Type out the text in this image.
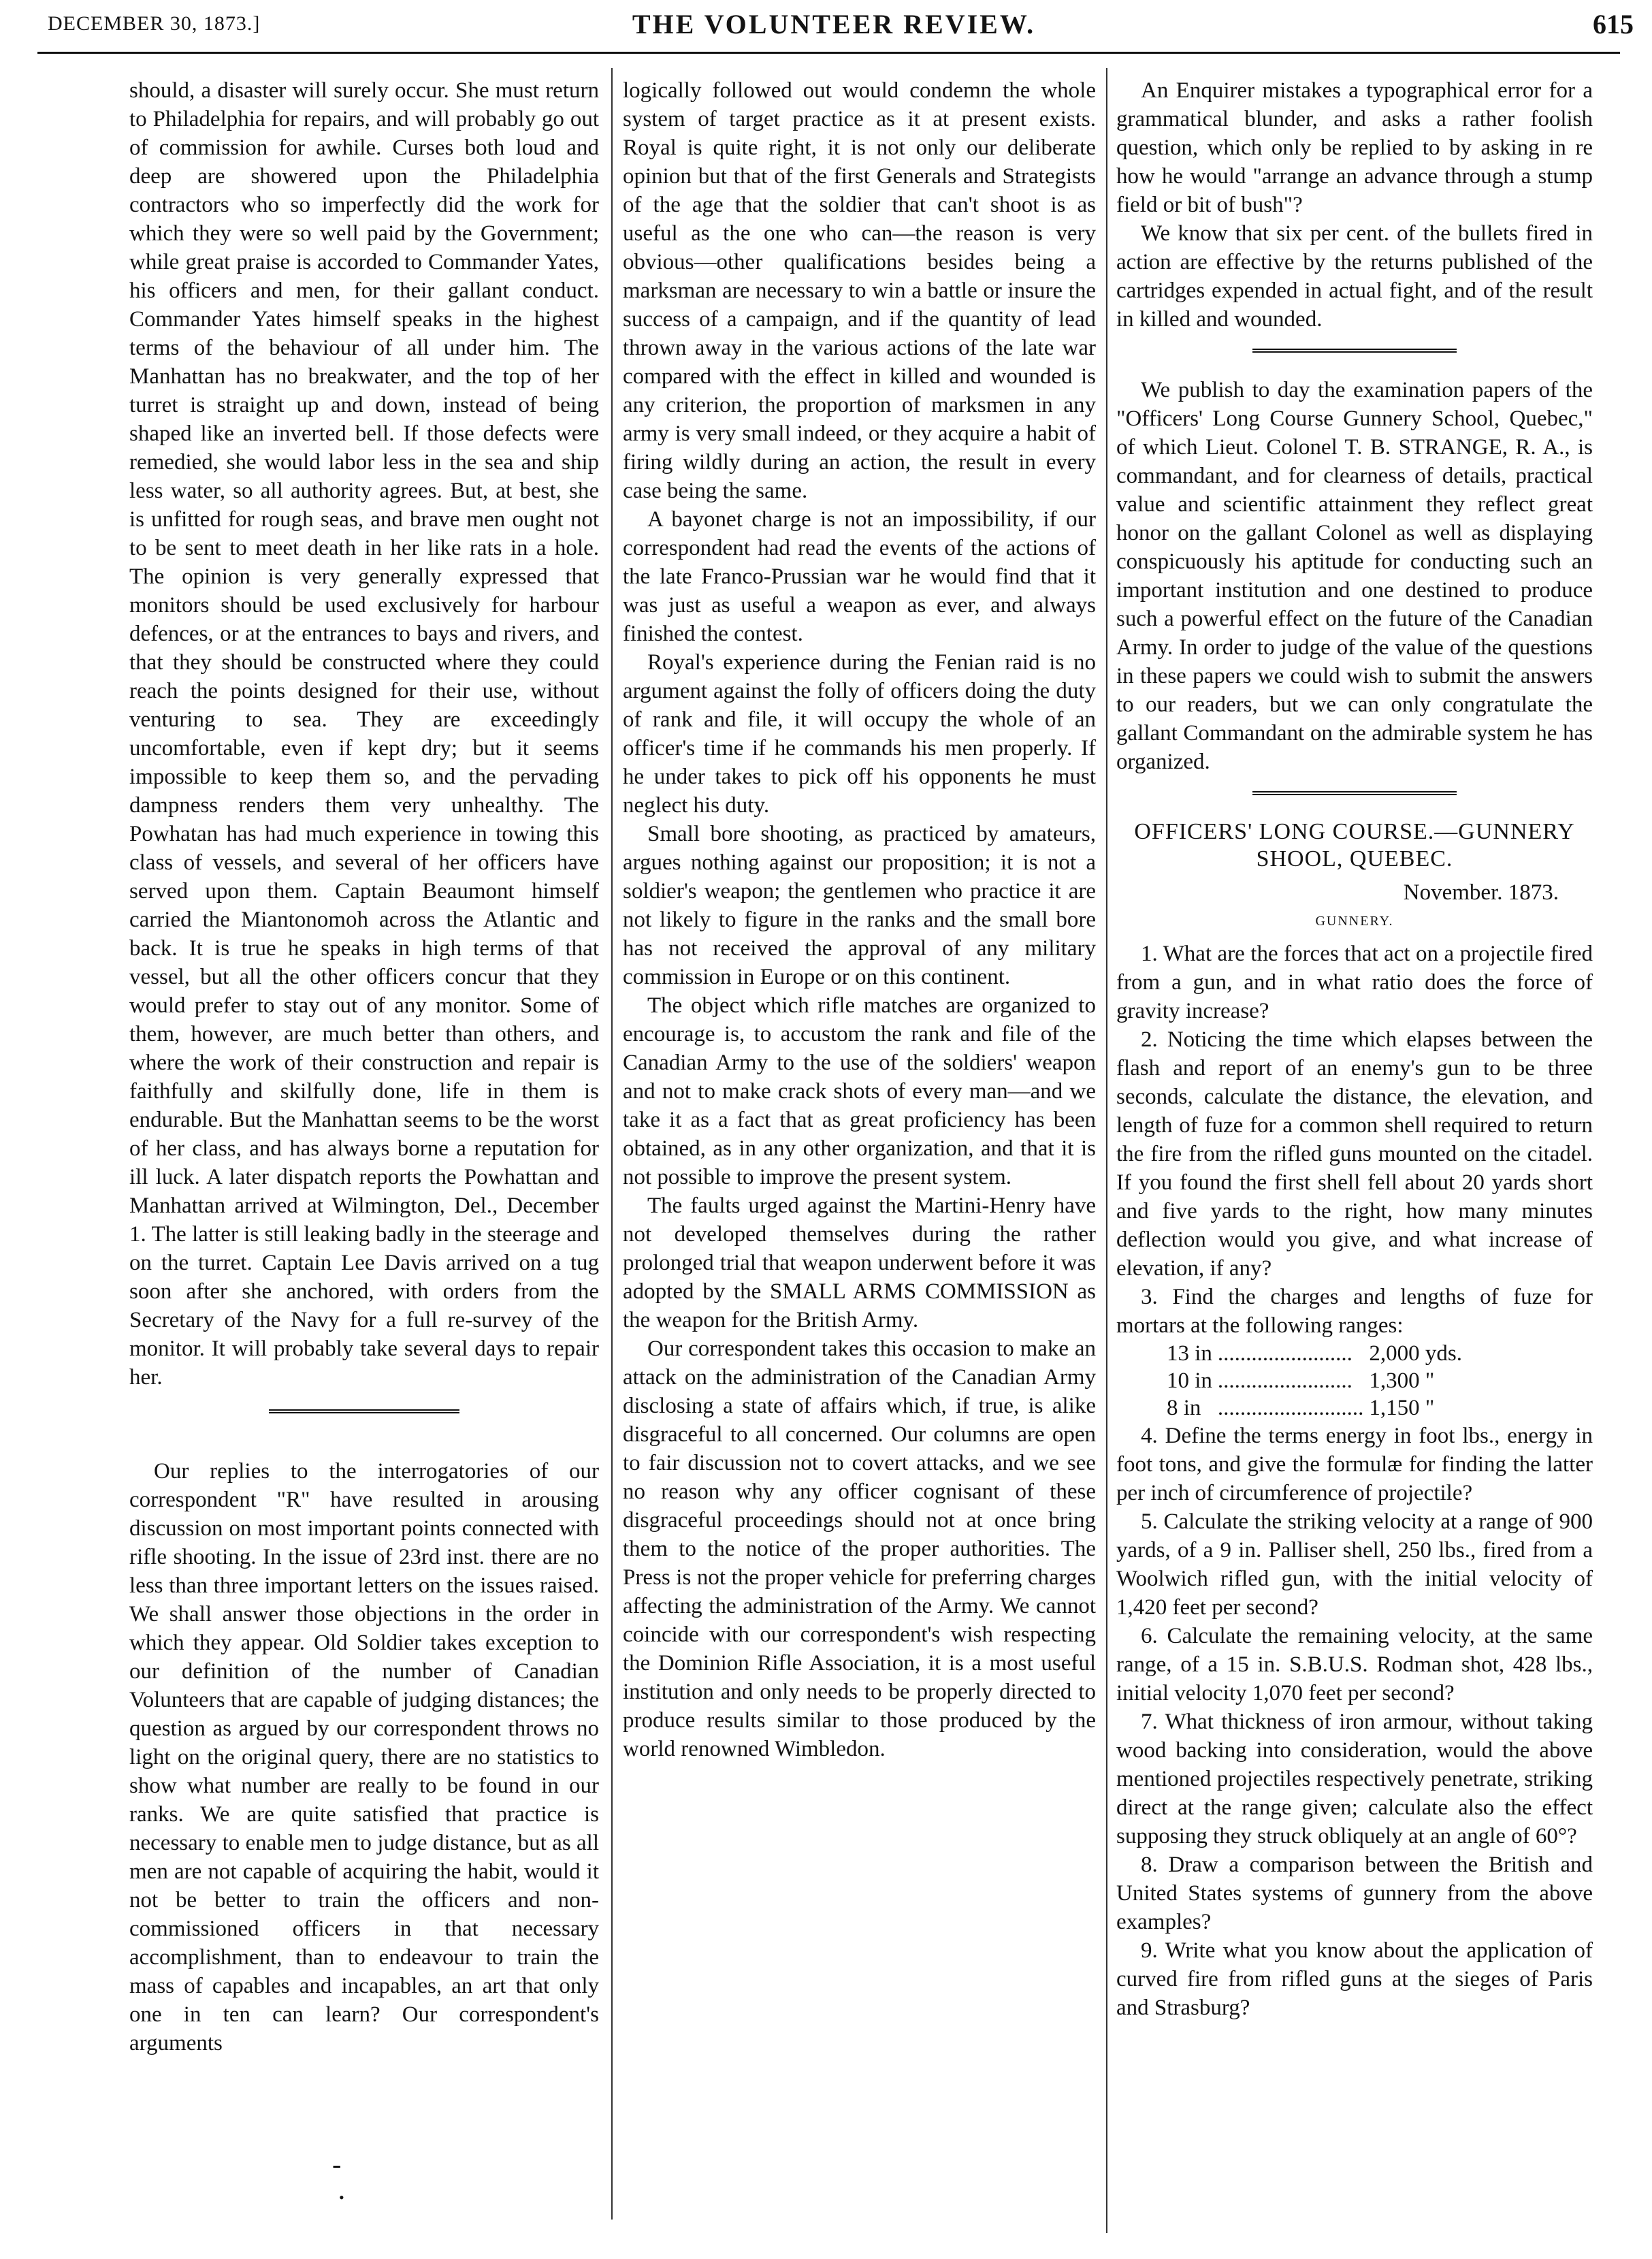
DECEMBER 30, 1873.]	THE VOLUNTEER REVIEW.	615

should, a disaster will surely occur. She must return to Philadelphia for repairs, and will probably go out of commission for awhile. Curses both loud and deep are showered upon the Philadelphia contractors who so imperfectly did the work for which they were so well paid by the Government; while great praise is accorded to Commander Yates, his officers and men, for their gallant conduct. Commander Yates himself speaks in the highest terms of the behaviour of all under him. The Manhattan has no breakwater, and the top of her turret is straight up and down, instead of being shaped like an inverted bell. If those defects were remedied, she would labor less in the sea and ship less water, so all authority agrees. But, at best, she is unfitted for rough seas, and brave men ought not to be sent to meet death in her like rats in a hole. The opinion is very generally expressed that monitors should be used exclusively for harbour defences, or at the entrances to bays and rivers, and that they should be constructed where they could reach the points designed for their use, without venturing to sea. They are exceedingly uncomfortable, even if kept dry; but it seems impossible to keep them so, and the pervading dampness renders them very unhealthy. The Powhatan has had much experience in towing this class of vessels, and several of her officers have served upon them. Captain Beaumont himself carried the Miantonomoh across the Atlantic and back. It is true he speaks in high terms of that vessel, but all the other officers concur that they would prefer to stay out of any monitor. Some of them, however, are much better than others, and where the work of their construction and repair is faithfully and skilfully done, life in them is endurable. But the Manhattan seems to be the worst of her class, and has always borne a reputation for ill luck. A later dispatch reports the Powhattan and Manhattan arrived at Wilmington, Del., December 1. The latter is still leaking badly in the steerage and on the turret. Captain Lee Davis arrived on a tug soon after she anchored, with orders from the Secretary of the Navy for a full re-survey of the monitor. It will probably take several days to repair her.

Our replies to the interrogatories of our correspondent "R" have resulted in arousing discussion on most important points connected with rifle shooting. In the issue of 23rd inst. there are no less than three important letters on the issues raised. We shall answer those objections in the order in which they appear. Old Soldier takes exception to our definition of the number of Canadian Volunteers that are capable of judging distances; the question as argued by our correspondent throws no light on the original query, there are no statistics to show what number are really to be found in our ranks. We are quite satisfied that practice is necessary to enable men to judge distance, but as all men are not capable of acquiring the habit, would it not be better to train the officers and non-commissioned officers in that necessary accomplishment, than to endeavour to train the mass of capables and incapables, an art that only one in ten can learn? Our correspondent's arguments

logically followed out would condemn the whole system of target practice as it at present exists. Royal is quite right, it is not only our deliberate opinion but that of the first Generals and Strategists of the age that the soldier that can't shoot is as useful as the one who can—the reason is very obvious—other qualifications besides being a marksman are necessary to win a battle or insure the success of a campaign, and if the quantity of lead thrown away in the various actions of the late war compared with the effect in killed and wounded is any criterion, the proportion of marksmen in any army is very small indeed, or they acquire a habit of firing wildly during an action, the result in every case being the same.

A bayonet charge is not an impossibility, if our correspondent had read the events of the actions of the late Franco-Prussian war he would find that it was just as useful a weapon as ever, and always finished the contest.

Royal's experience during the Fenian raid is no argument against the folly of officers doing the duty of rank and file, it will occupy the whole of an officer's time if he commands his men properly. If he under takes to pick off his opponents he must neglect his duty.

Small bore shooting, as practiced by amateurs, argues nothing against our proposition; it is not a soldier's weapon; the gentlemen who practice it are not likely to figure in the ranks and the small bore has not received the approval of any military commission in Europe or on this continent.

The object which rifle matches are organized to encourage is, to accustom the rank and file of the Canadian Army to the use of the soldiers' weapon and not to make crack shots of every man—and we take it as a fact that as great proficiency has been obtained, as in any other organization, and that it is not possible to improve the present system.

The faults urged against the Martini-Henry have not developed themselves during the rather prolonged trial that weapon underwent before it was adopted by the SMALL ARMS COMMISSION as the weapon for the British Army.

Our correspondent takes this occasion to make an attack on the administration of the Canadian Army disclosing a state of affairs which, if true, is alike disgraceful to all concerned. Our columns are open to fair discussion not to covert attacks, and we see no reason why any officer cognisant of these disgraceful proceedings should not at once bring them to the notice of the proper authorities. The Press is not the proper vehicle for preferring charges affecting the administration of the Army. We cannot coincide with our correspondent's wish respecting the Dominion Rifle Association, it is a most useful institution and only needs to be properly directed to produce results similar to those produced by the world renowned Wimbledon.

An Enquirer mistakes a typographical error for a grammatical blunder, and asks a rather foolish question, which only be replied to by asking in re how he would "arrange an advance through a stump field or bit of bush"?

We know that six per cent. of the bullets fired in action are effective by the returns published of the cartridges expended in actual fight, and of the result in killed and wounded.

We publish to day the examination papers of the "Officers' Long Course Gunnery School, Quebec," of which Lieut. Colonel T. B. STRANGE, R. A., is commandant, and for clearness of details, practical value and scientific attainment they reflect great honor on the gallant Colonel as well as displaying conspicuously his aptitude for conducting such an important institution and one destined to produce such a powerful effect on the future of the Canadian Army. In order to judge of the value of the questions in these papers we could wish to submit the answers to our readers, but we can only congratulate the gallant Commandant on the admirable system he has organized.

OFFICERS' LONG COURSE.—GUNNERY SHOOL, QUEBEC.
November. 1873.
GUNNERY.

1. What are the forces that act on a projectile fired from a gun, and in what ratio does the force of gravity increase?

2. Noticing the time which elapses between the flash and report of an enemy's gun to be three seconds, calculate the distance, the elevation, and length of fuze for a common shell required to return the fire from the rifled guns mounted on the citadel. If you found the first shell fell about 20 yards short and five yards to the right, how many minutes deflection would you give, and what increase of elevation, if any?

3. Find the charges and lengths of fuze for mortars at the following ranges:

13 in	........................	2,000 yds.
10 in	........................	1,300 "
8 in	..........................	1,150 "

4. Define the terms energy in foot lbs., energy in foot tons, and give the formulæ for finding the latter per inch of circumference of projectile?

5. Calculate the striking velocity at a range of 900 yards, of a 9 in. Palliser shell, 250 lbs., fired from a Woolwich rifled gun, with the initial velocity of 1,420 feet per second?

6. Calculate the remaining velocity, at the same range, of a 15 in. S.B.U.S. Rodman shot, 428 lbs., initial velocity 1,070 feet per second?

7. What thickness of iron armour, without taking wood backing into consideration, would the above mentioned projectiles respectively penetrate, striking direct at the range given; calculate also the effect supposing they struck obliquely at an angle of 60°?

8. Draw a comparison between the British and United States systems of gunnery from the above examples?

9. Write what you know about the application of curved fire from rifled guns at the sieges of Paris and Strasburg?

-
•
